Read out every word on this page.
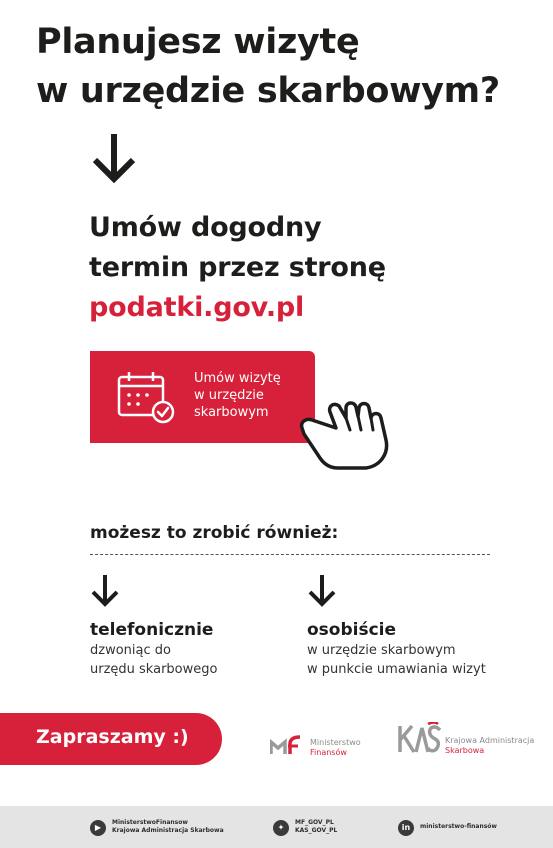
Planujesz wizytę
w urzędzie skarbowym?
Umów dogodny
termin przez stronę
podatki.gov.pl
Umów wizytę
w urzędzie
skarbowym
możesz to zrobić również:
telefonicznie
dzwoniąc do
urzędu skarbowego
osobiście
w urzędzie skarbowym
w punkcie umawiania wizyt
Zapraszamy :)	Ministerstwo
Finansów
Krajowa Administracja
Skarbowa
▶
MinisterstwoFinansow
Krajowa Administracja Skarbowa	✦
MF_GOV_PL
KAS_GOV_PL	in	ministerstwo-finansów
